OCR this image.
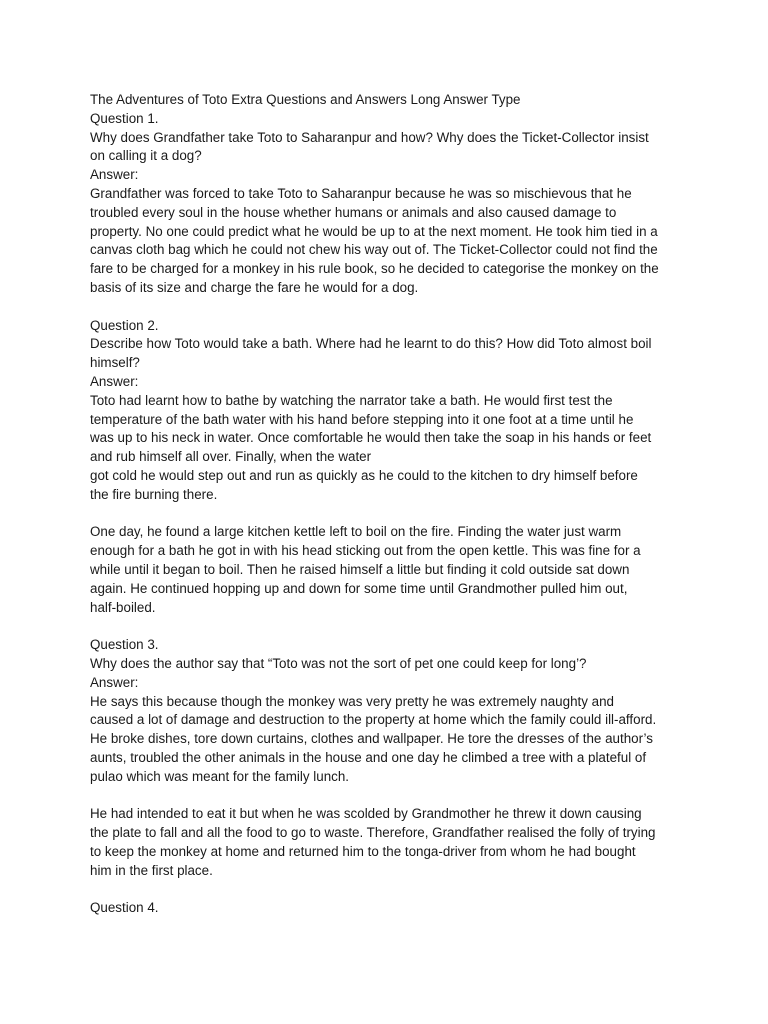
The Adventures of Toto Extra Questions and Answers Long Answer Type
Question 1.
Why does Grandfather take Toto to Saharanpur and how? Why does the Ticket-Collector insist
on calling it a dog?
Answer:
Grandfather was forced to take Toto to Saharanpur because he was so mischievous that he
troubled every soul in the house whether humans or animals and also caused damage to
property. No one could predict what he would be up to at the next moment. He took him tied in a
canvas cloth bag which he could not chew his way out of. The Ticket-Collector could not find the
fare to be charged for a monkey in his rule book, so he decided to categorise the monkey on the
basis of its size and charge the fare he would for a dog.
Question 2.
Describe how Toto would take a bath. Where had he learnt to do this? How did Toto almost boil
himself?
Answer:
Toto had learnt how to bathe by watching the narrator take a bath. He would first test the
temperature of the bath water with his hand before stepping into it one foot at a time until he
was up to his neck in water. Once comfortable he would then take the soap in his hands or feet
and rub himself all over. Finally, when the water
got cold he would step out and run as quickly as he could to the kitchen to dry himself before
the fire burning there.
One day, he found a large kitchen kettle left to boil on the fire. Finding the water just warm
enough for a bath he got in with his head sticking out from the open kettle. This was fine for a
while until it began to boil. Then he raised himself a little but finding it cold outside sat down
again. He continued hopping up and down for some time until Grandmother pulled him out,
half-boiled.
Question 3.
Why does the author say that “Toto was not the sort of pet one could keep for long’?
Answer:
He says this because though the monkey was very pretty he was extremely naughty and
caused a lot of damage and destruction to the property at home which the family could ill-afford.
He broke dishes, tore down curtains, clothes and wallpaper. He tore the dresses of the author’s
aunts, troubled the other animals in the house and one day he climbed a tree with a plateful of
pulao which was meant for the family lunch.
He had intended to eat it but when he was scolded by Grandmother he threw it down causing
the plate to fall and all the food to go to waste. Therefore, Grandfather realised the folly of trying
to keep the monkey at home and returned him to the tonga-driver from whom he had bought
him in the first place.
Question 4.
